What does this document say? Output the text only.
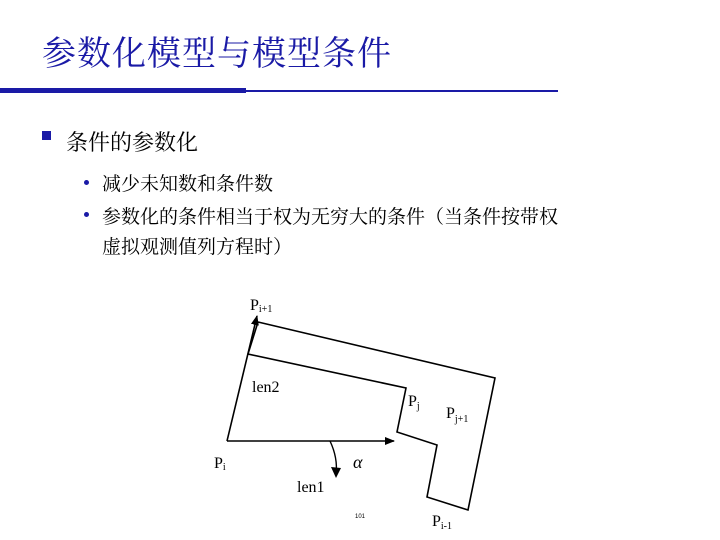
参数化模型与模型条件
条件的参数化
减少未知数和条件数
参数化的条件相当于权为无穷大的条件（当条件按带权
虚拟观测值列方程时）
Pi+1
len2
Pj $P_{j+1}$
α
Pi
len1
Pi-1
101
